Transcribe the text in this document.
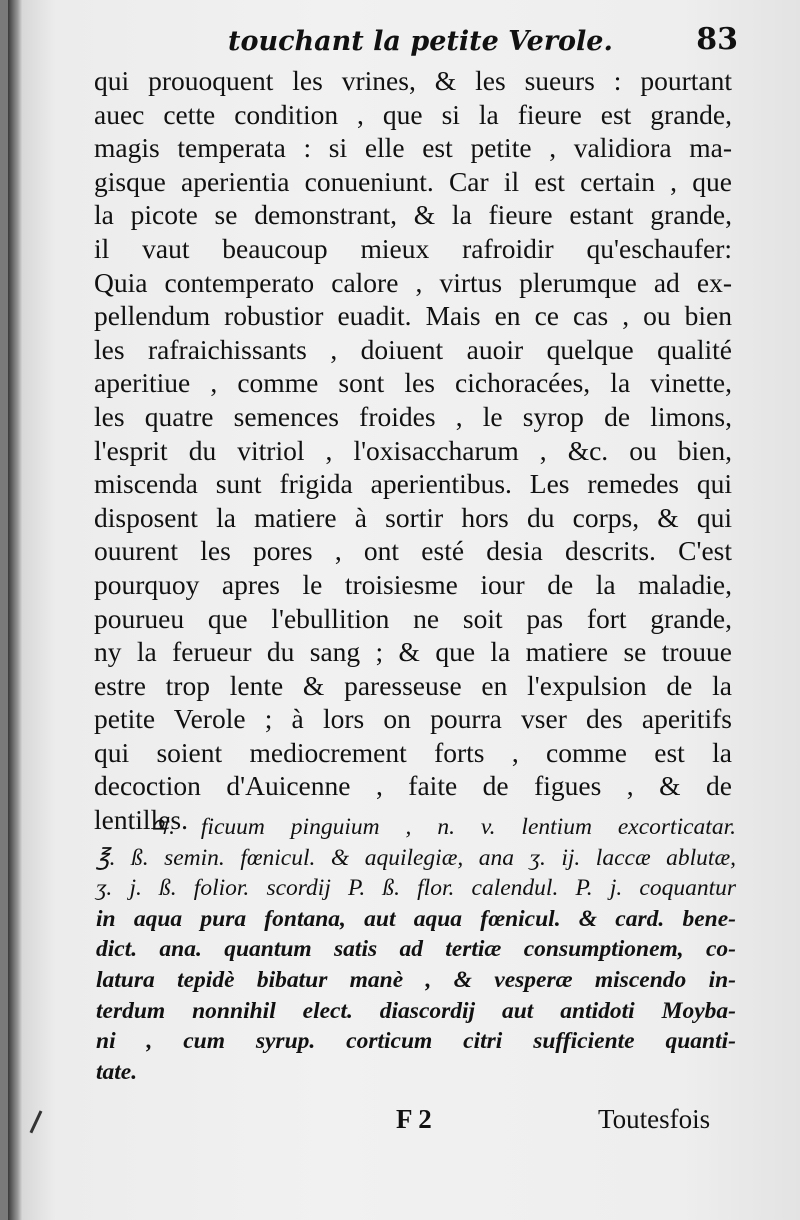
touchant la petite Verole.	83
qui prouoquent les vrines, & les sueurs : pourtant
auec cette condition , que si la fieure est grande,
magis temperata : si elle est petite , validiora ma-
gisque aperientia conueniunt. Car il est certain , que
la picote se demonstrant, & la fieure estant grande,
il vaut beaucoup mieux rafroidir qu'eschaufer:
Quia contemperato calore , virtus plerumque ad ex-
pellendum robustior euadit. Mais en ce cas , ou bien
les rafraichissants , doiuent auoir quelque qualité
aperitiue , comme sont les cichoracées, la vinette,
les quatre semences froides , le syrop de limons,
l'esprit du vitriol , l'oxisaccharum , &c. ou bien,
miscenda sunt frigida aperientibus. Les remedes qui
disposent la matiere à sortir hors du corps, & qui
ouurent les pores , ont esté desia descrits. C'est
pourquoy apres le troisiesme iour de la maladie,
pourueu que l'ebullition ne soit pas fort grande,
ny la ferueur du sang ; & que la matiere se trouue
estre trop lente & paresseuse en l'expulsion de la
petite Verole ; à lors on pourra vser des aperitifs
qui soient mediocrement forts , comme est la
decoction d'Auicenne , faite de figues , & de
lentilles.
♃. ficuum pinguium , n. v. lentium excorticatar.
℥. ß. semin. fœnicul. & aquilegiæ, ana ʒ. ij. laccæ ablutæ,
ʒ. j. ß. folior. scordij P. ß. flor. calendul. P. j. coquantur
in aqua pura fontana, aut aqua fœnicul. & card. bene-
dict. ana. quantum satis ad tertiæ consumptionem, co-
latura tepidè bibatur manè , & vesperæ miscendo in-
terdum nonnihil elect. diascordij aut antidoti Moyba-
ni , cum syrup. corticum citri sufficiente quanti-
tate.
F 2	Toutesfois
